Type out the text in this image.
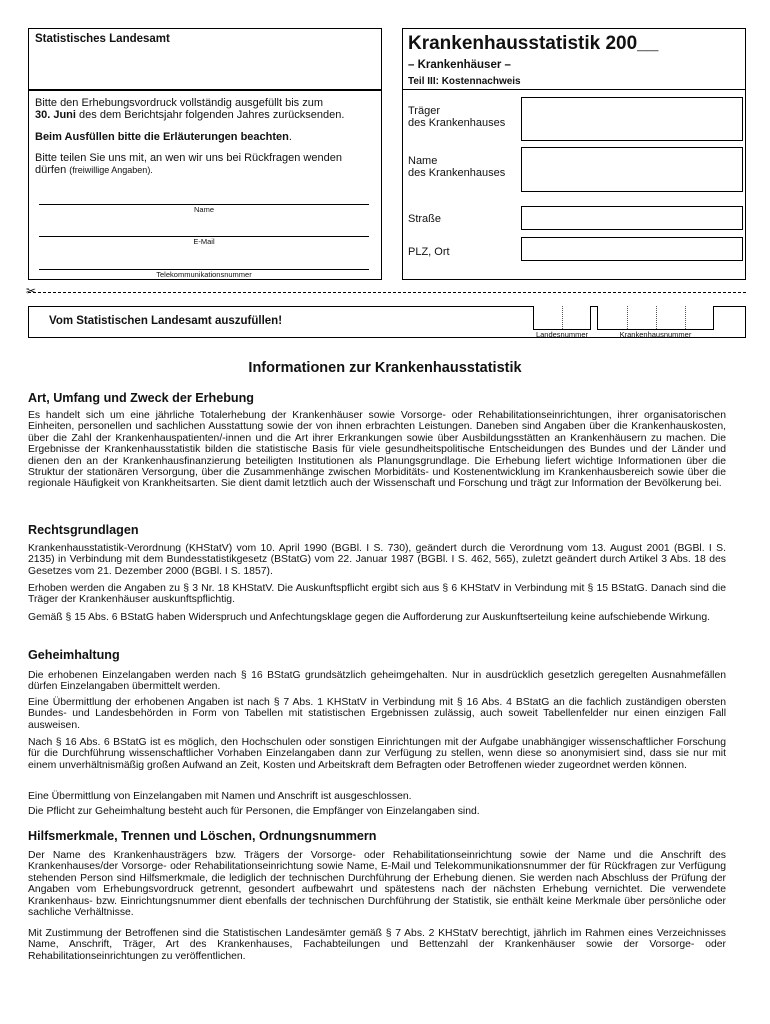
Statistisches Landesamt
Bitte den Erhebungsvordruck vollständig ausgefüllt bis zum
30. Juni des dem Berichtsjahr folgenden Jahres zurücksenden.
Beim Ausfüllen bitte die Erläuterungen beachten.
Bitte teilen Sie uns mit, an wen wir uns bei Rückfragen wenden
dürfen (freiwillige Angaben).
Name
E-Mail
Telekommunikationsnummer
Krankenhausstatistik 200__
– Krankenhäuser –
Teil III: Kostennachweis
Träger
des Krankenhauses
Name
des Krankenhauses
Straße
PLZ, Ort
✂
Vom Statistischen Landesamt auszufüllen!
Landesnummer	Krankenhausnummer
Informationen zur Krankenhausstatistik
Art, Umfang und Zweck der Erhebung
Es handelt sich um eine jährliche Totalerhebung der Krankenhäuser sowie Vorsorge- oder Rehabilitationseinrichtungen, ihrer organisatorischen Einheiten, personellen und sachlichen Ausstattung sowie der von ihnen erbrachten Leistungen. Daneben sind Angaben über die Krankenhauskosten, über die Zahl der Krankenhauspatienten/-innen und die Art ihrer Erkrankungen sowie über Ausbildungsstätten an Krankenhäusern zu machen. Die Ergebnisse der Krankenhausstatistik bilden die statistische Basis für viele gesundheitspolitische Entscheidungen des Bundes und der Länder und dienen den an der Krankenhausfinanzierung beteiligten Institutionen als Planungsgrundlage. Die Erhebung liefert wichtige Informationen über die Struktur der stationären Versorgung, über die Zusammenhänge zwischen Morbiditäts- und Kostenentwicklung im Krankenhausbereich sowie über die regionale Häufigkeit von Krankheitsarten. Sie dient damit letztlich auch der Wissenschaft und Forschung und trägt zur Information der Bevölkerung bei.
Rechtsgrundlagen
Krankenhausstatistik-Verordnung (KHStatV) vom 10. April 1990 (BGBl. I S. 730), geändert durch die Verordnung vom 13. August 2001 (BGBl. I S. 2135) in Verbindung mit dem Bundesstatistikgesetz (BStatG) vom 22. Januar 1987 (BGBl. I S. 462, 565), zuletzt geändert durch Artikel 3 Abs. 18 des Gesetzes vom 21. Dezember 2000 (BGBl. I S. 1857).
Erhoben werden die Angaben zu § 3 Nr. 18 KHStatV. Die Auskunftspflicht ergibt sich aus § 6 KHStatV in Verbindung mit § 15 BStatG. Danach sind die Träger der Krankenhäuser auskunftspflichtig.
Gemäß § 15 Abs. 6 BStatG haben Widerspruch und Anfechtungsklage gegen die Aufforderung zur Auskunftserteilung keine aufschiebende Wirkung.
Geheimhaltung
Die erhobenen Einzelangaben werden nach § 16 BStatG grundsätzlich geheimgehalten. Nur in ausdrücklich gesetzlich geregelten Ausnahmefällen dürfen Einzelangaben übermittelt werden.
Eine Übermittlung der erhobenen Angaben ist nach § 7 Abs. 1 KHStatV in Verbindung mit § 16 Abs. 4 BStatG an die fachlich zuständigen obersten Bundes- und Landesbehörden in Form von Tabellen mit statistischen Ergebnissen zulässig, auch soweit Tabellenfelder nur einen einzigen Fall ausweisen.
Nach § 16 Abs. 6 BStatG ist es möglich, den Hochschulen oder sonstigen Einrichtungen mit der Aufgabe unabhängiger wissenschaftlicher Forschung für die Durchführung wissenschaftlicher Vorhaben Einzelangaben dann zur Verfügung zu stellen, wenn diese so anonymisiert sind, dass sie nur mit einem unverhältnismäßig großen Aufwand an Zeit, Kosten und Arbeitskraft dem Befragten oder Betroffenen wieder zugeordnet werden können.
Eine Übermittlung von Einzelangaben mit Namen und Anschrift ist ausgeschlossen.
Die Pflicht zur Geheimhaltung besteht auch für Personen, die Empfänger von Einzelangaben sind.
Hilfsmerkmale, Trennen und Löschen, Ordnungsnummern
Der Name des Krankenhausträgers bzw. Trägers der Vorsorge- oder Rehabilitationseinrichtung sowie der Name und die Anschrift des Krankenhauses/der Vorsorge- oder Rehabilitationseinrichtung sowie Name, E-Mail und Telekommunikationsnummer der für Rückfragen zur Verfügung stehenden Person sind Hilfsmerkmale, die lediglich der technischen Durchführung der Erhebung dienen. Sie werden nach Abschluss der Prüfung der Angaben vom Erhebungsvordruck getrennt, gesondert aufbewahrt und spätestens nach der nächsten Erhebung vernichtet. Die verwendete Krankenhaus- bzw. Einrichtungsnummer dient ebenfalls der technischen Durchführung der Statistik, sie enthält keine Merkmale über persönliche oder sachliche Verhältnisse.
Mit Zustimmung der Betroffenen sind die Statistischen Landesämter gemäß § 7 Abs. 2 KHStatV berechtigt, jährlich im Rahmen eines Verzeichnisses Name, Anschrift, Träger, Art des Krankenhauses, Fachabteilungen und Bettenzahl der Krankenhäuser sowie der Vorsorge- oder Rehabilitationseinrichtungen zu veröffentlichen.
